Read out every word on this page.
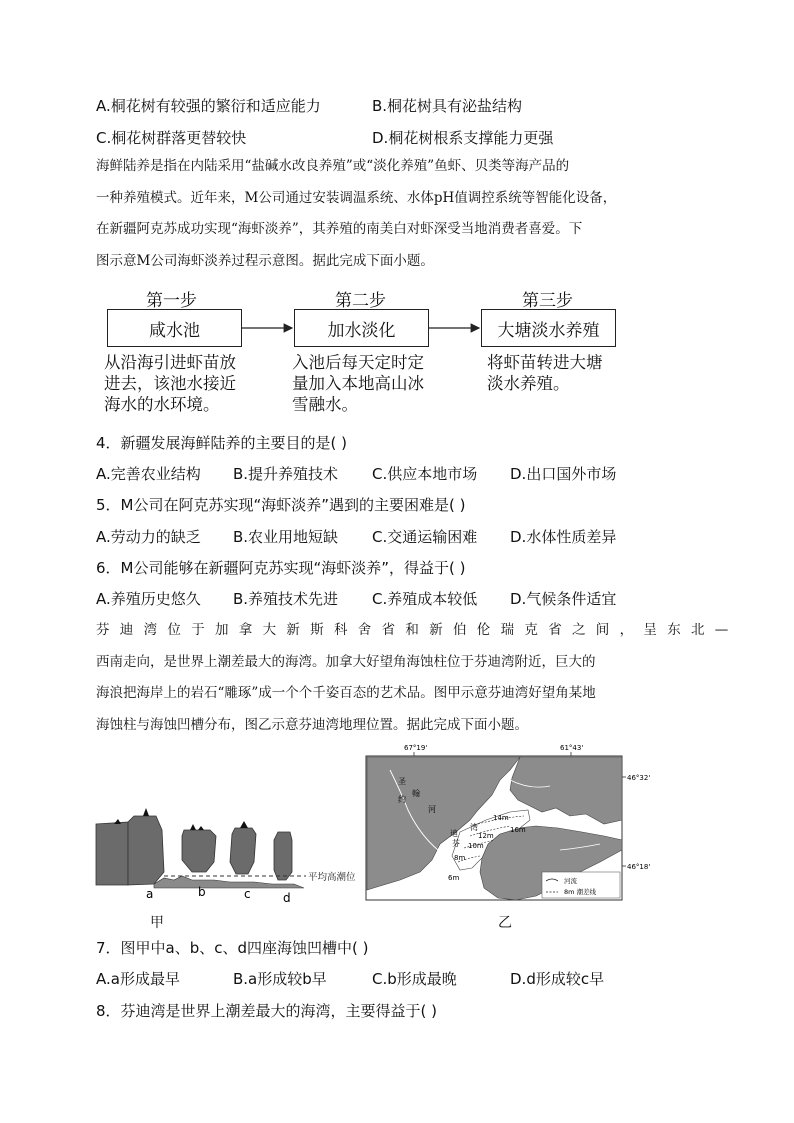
A.桐花树有较强的繁衍和适应能力	B.桐花树具有泌盐结构
C.桐花树群落更替较快	D.桐花树根系支撑能力更强
海鲜陆养是指在内陆采用“盐碱水改良养殖”或“淡化养殖”鱼虾、贝类等海产品的
一种养殖模式。近年来，M公司通过安装调温系统、水体pH值调控系统等智能化设备，
在新疆阿克苏成功实现“海虾淡养”，其养殖的南美白对虾深受当地消费者喜爱。下
图示意M公司海虾淡养过程示意图。据此完成下面小题。
第一步	第二步	第三步
咸水池	加水淡化	大塘淡水养殖
从沿海引进虾苗放
进去，该池水接近
海水的水环境。
入池后每天定时定
量加入本地高山冰
雪融水。
将虾苗转进大塘
淡水养殖。
4．新疆发展海鲜陆养的主要目的是( )
A.完善农业结构 B.提升养殖技术 C.供应本地市场 D.出口国外市场
5．M公司在阿克苏实现“海虾淡养”遇到的主要困难是( )
A.劳动力的缺乏 B.农业用地短缺 C.交通运输困难 D.水体性质差异
6．M公司能够在新疆阿克苏实现“海虾淡养”，得益于( )
A.养殖历史悠久 B.养殖技术先进 C.养殖成本较低 D.气候条件适宜
芬迪湾位于加拿大新斯科舍省和新伯伦瑞克省之间，呈东北—
西南走向，是世界上潮差最大的海湾。加拿大好望角海蚀柱位于芬迪湾附近，巨大的
海浪把海岸上的岩石“雕琢”成一个个千姿百态的艺术品。图甲示意芬迪湾好望角某地
海蚀柱与海蚀凹槽分布，图乙示意芬迪湾地理位置。据此完成下面小题。
平均高潮位
a	b	c	d
甲
67°19'	61°43'
圣
约
翰
河
芬
迪
湾
14m
16m
12m
10m
8m
6m	河流
8m 潮差线
46°32'
46°18'
乙
7．图甲中a、b、c、d四座海蚀凹槽中( )
A.a形成最早	B.a形成较b早	C.b形成最晚	D.d形成较c早
8．芬迪湾是世界上潮差最大的海湾，主要得益于( )
